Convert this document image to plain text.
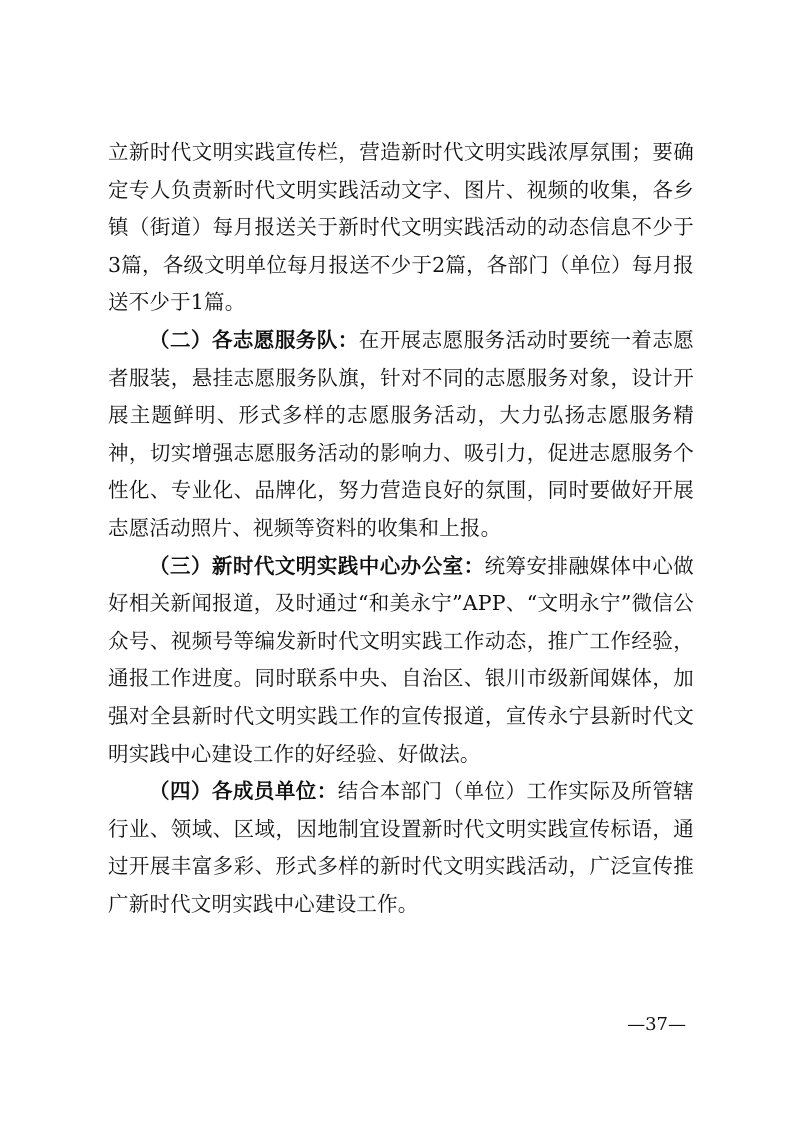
立新时代文明实践宣传栏，营造新时代文明实践浓厚氛围；要确定专人负责新时代文明实践活动文字、图片、视频的收集，各乡镇（街道）每月报送关于新时代文明实践活动的动态信息不少于3篇，各级文明单位每月报送不少于2篇，各部门（单位）每月报送不少于1篇。

（二）各志愿服务队：在开展志愿服务活动时要统一着志愿者服装，悬挂志愿服务队旗，针对不同的志愿服务对象，设计开展主题鲜明、形式多样的志愿服务活动，大力弘扬志愿服务精神，切实增强志愿服务活动的影响力、吸引力，促进志愿服务个性化、专业化、品牌化，努力营造良好的氛围，同时要做好开展志愿活动照片、视频等资料的收集和上报。

（三）新时代文明实践中心办公室：统筹安排融媒体中心做好相关新闻报道，及时通过“和美永宁”APP、“文明永宁”微信公众号、视频号等编发新时代文明实践工作动态，推广工作经验，通报工作进度。同时联系中央、自治区、银川市级新闻媒体，加强对全县新时代文明实践工作的宣传报道，宣传永宁县新时代文明实践中心建设工作的好经验、好做法。

（四）各成员单位：结合本部门（单位）工作实际及所管辖行业、领域、区域，因地制宜设置新时代文明实践宣传标语，通过开展丰富多彩、形式多样的新时代文明实践活动，广泛宣传推广新时代文明实践中心建设工作。

—37—
